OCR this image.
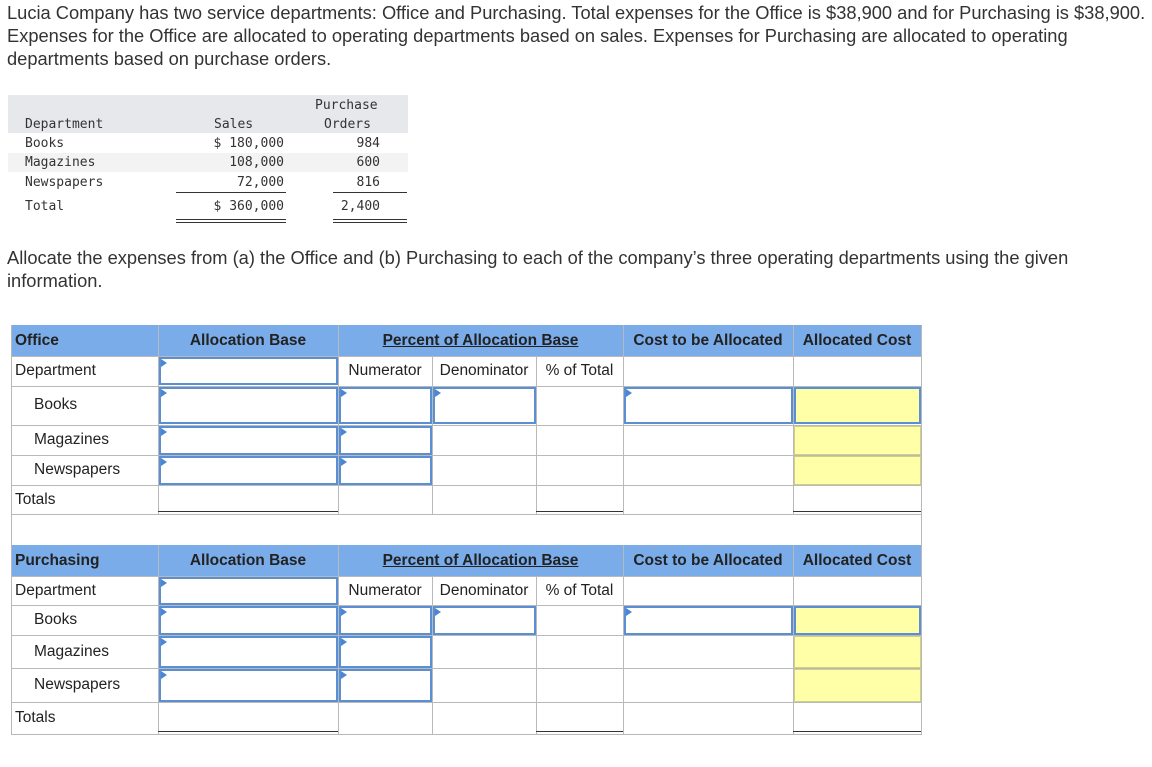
Lucia Company has two service departments: Office and Purchasing. Total expenses for the Office is $38,900 and for Purchasing is $38,900. Expenses for the Office are allocated to operating departments based on sales. Expenses for Purchasing are allocated to operating departments based on purchase orders.

Purchase
Department	Sales	Orders
Books	$ 180,000	984
Magazines	108,000	600
Newspapers	72,000	816
Total	$ 360,000	2,400

Allocate the expenses from (a) the Office and (b) Purchasing to each of the company’s three operating departments using the given information.

Office	Allocation Base	Percent of Allocation Base	Cost to be Allocated	Allocated Cost
Department	Numerator	Denominator	% of Total
Books
Magazines
Newspapers
Totals
Purchasing	Allocation Base	Percent of Allocation Base	Cost to be Allocated	Allocated Cost
Department	Numerator	Denominator	% of Total
Books
Magazines
Newspapers
Totals
